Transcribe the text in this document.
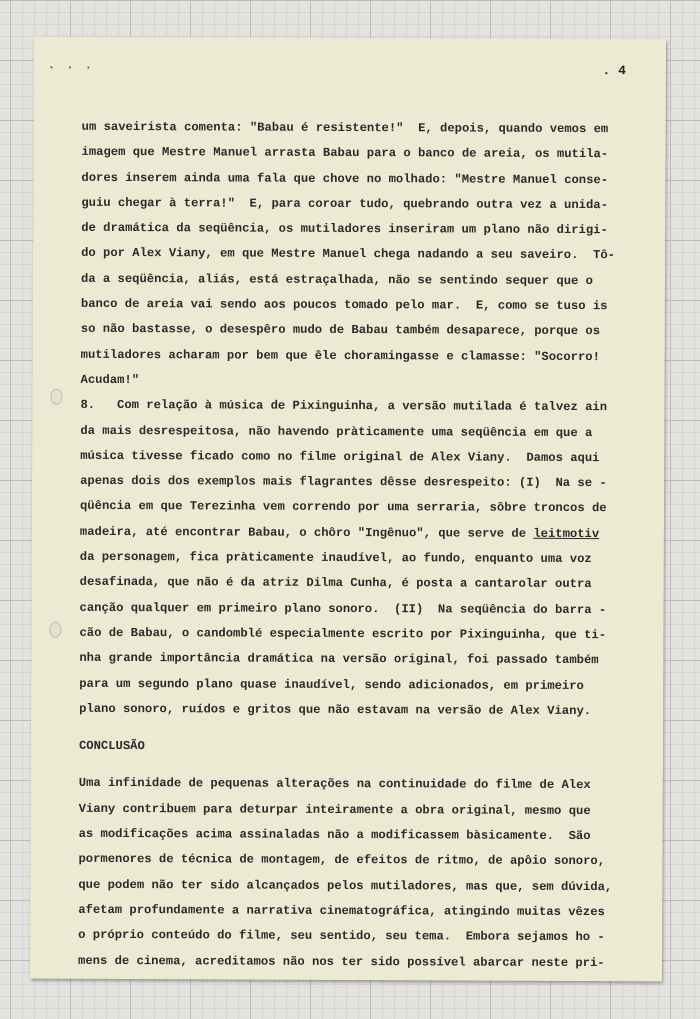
· · ·	. 4
um saveirista comenta: "Babau é resistente!"  E, depois, quando vemos em
imagem que Mestre Manuel arrasta Babau para o banco de areia, os mutila-
dores inserem ainda uma fala que chove no molhado: "Mestre Manuel conse-
guiu chegar à terra!"  E, para coroar tudo, quebrando outra vez a unida-
de dramática da seqüência, os mutiladores inseriram um plano não dirigi-
do por Alex Viany, em que Mestre Manuel chega nadando a seu saveiro.  Tô-
da a seqüência, aliás, está estraçalhada, não se sentindo sequer que o
banco de areia vai sendo aos poucos tomado pelo mar.  E, como se tuso is
so não bastasse, o desespêro mudo de Babau também desaparece, porque os
mutiladores acharam por bem que êle choramingasse e clamasse: "Socorro!
Acudam!"
8.   Com relação à música de Pixinguinha, a versão mutilada é talvez ain
da mais desrespeitosa, não havendo pràticamente uma seqüência em que a
música tivesse ficado como no filme original de Alex Viany.  Damos aqui
apenas dois dos exemplos mais flagrantes dêsse desrespeito: (I)  Na se -
qüência em que Terezinha vem correndo por uma serraria, sôbre troncos de
madeira, até encontrar Babau, o chôro "Ingênuo", que serve de leitmotiv
da personagem, fica pràticamente inaudível, ao fundo, enquanto uma voz
desafinada, que não é da atriz Dilma Cunha, é posta a cantarolar outra
canção qualquer em primeiro plano sonoro.  (II)  Na seqüência do barra -
cão de Babau, o candomblé especialmente escrito por Pixinguinha, que ti-
nha grande importância dramática na versão original, foi passado também
para um segundo plano quase inaudível, sendo adicionados, em primeiro
plano sonoro, ruídos e gritos que não estavam na versão de Alex Viany.
CONCLUSÃO
Uma infinidade de pequenas alterações na continuidade do filme de Alex
Viany contribuem para deturpar inteiramente a obra original, mesmo que
as modificações acima assinaladas não a modificassem bàsicamente.  São
pormenores de técnica de montagem, de efeitos de ritmo, de apôio sonoro,
que podem não ter sido alcançados pelos mutiladores, mas que, sem dúvida,
afetam profundamente a narrativa cinematográfica, atingindo muitas vêzes
o próprio conteúdo do filme, seu sentido, seu tema.  Embora sejamos ho -
mens de cinema, acreditamos não nos ter sido possível abarcar neste pri-
